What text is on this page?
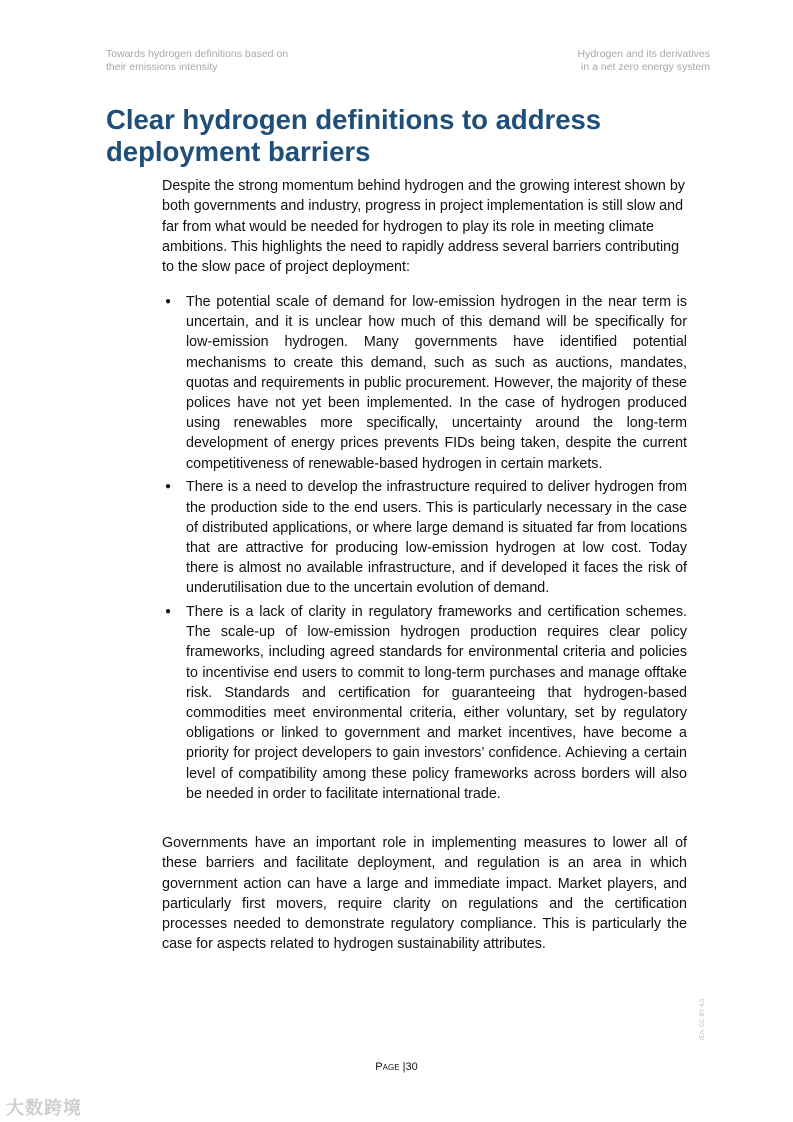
Towards hydrogen definitions based on
their emissions intensity
Hydrogen and its derivatives
in a net zero energy system
Clear hydrogen definitions to address deployment barriers

Despite the strong momentum behind hydrogen and the growing interest shown by both governments and industry, progress in project implementation is still slow and far from what would be needed for hydrogen to play its role in meeting climate ambitions. This highlights the need to rapidly address several barriers contributing to the slow pace of project deployment:

● The potential scale of demand for low-emission hydrogen in the near term is uncertain, and it is unclear how much of this demand will be specifically for low-emission hydrogen. Many governments have identified potential mechanisms to create this demand, such as such as auctions, mandates, quotas and requirements in public procurement. However, the majority of these polices have not yet been implemented. In the case of hydrogen produced using renewables more specifically, uncertainty around the long-term development of energy prices prevents FIDs being taken, despite the current competitiveness of renewable-based hydrogen in certain markets.
● There is a need to develop the infrastructure required to deliver hydrogen from the production side to the end users. This is particularly necessary in the case of distributed applications, or where large demand is situated far from locations that are attractive for producing low-emission hydrogen at low cost. Today there is almost no available infrastructure, and if developed it faces the risk of underutilisation due to the uncertain evolution of demand.
● There is a lack of clarity in regulatory frameworks and certification schemes. The scale-up of low-emission hydrogen production requires clear policy frameworks, including agreed standards for environmental criteria and policies to incentivise end users to commit to long-term purchases and manage offtake risk. Standards and certification for guaranteeing that hydrogen-based commodities meet environmental criteria, either voluntary, set by regulatory obligations or linked to government and market incentives, have become a priority for project developers to gain investors’ confidence. Achieving a certain level of compatibility among these policy frameworks across borders will also be needed in order to facilitate international trade.

Governments have an important role in implementing measures to lower all of these barriers and facilitate deployment, and regulation is an area in which government action can have a large and immediate impact. Market players, and particularly first movers, require clarity on regulations and the certification processes needed to demonstrate regulatory compliance. This is particularly the case for aspects related to hydrogen sustainability attributes.

Page |30
IEA. CC BY 4.0.
大数跨境
